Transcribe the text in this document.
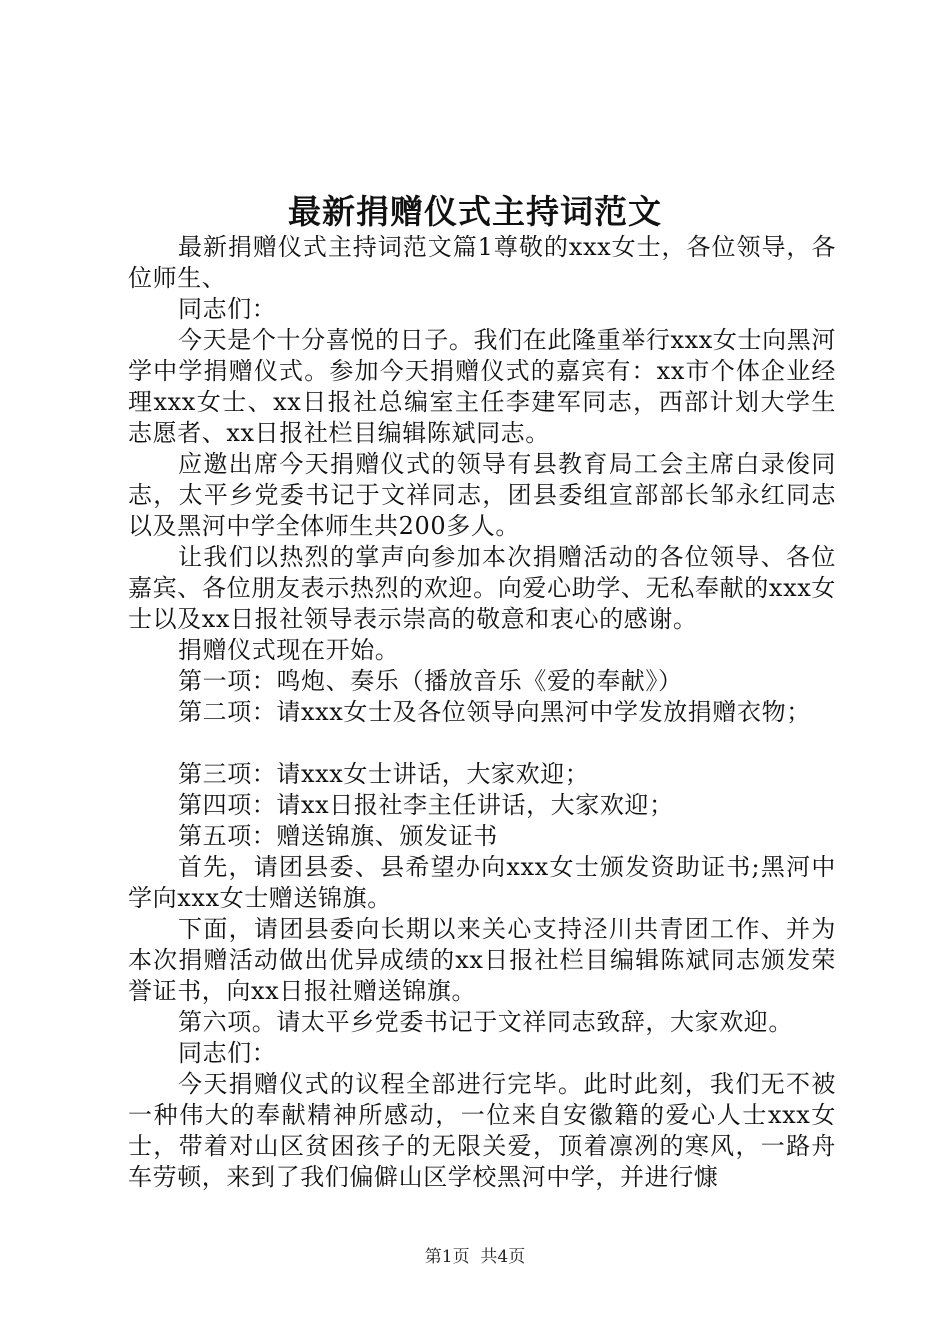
最新捐赠仪式主持词范文

最新捐赠仪式主持词范文篇1尊敬的xxx女士，各位领导，各位师生、

同志们：

今天是个十分喜悦的日子。我们在此隆重举行xxx女士向黑河学中学捐赠仪式。参加今天捐赠仪式的嘉宾有：xx市个体企业经理xxx女士、xx日报社总编室主任李建军同志，西部计划大学生志愿者、xx日报社栏目编辑陈斌同志。

应邀出席今天捐赠仪式的领导有县教育局工会主席白录俊同志，太平乡党委书记于文祥同志，团县委组宣部部长邹永红同志以及黑河中学全体师生共200多人。

让我们以热烈的掌声向参加本次捐赠活动的各位领导、各位嘉宾、各位朋友表示热烈的欢迎。向爱心助学、无私奉献的xxx女士以及xx日报社领导表示崇高的敬意和衷心的感谢。

捐赠仪式现在开始。

第一项：鸣炮、奏乐（播放音乐《爱的奉献》）

第二项：请xxx女士及各位领导向黑河中学发放捐赠衣物；

第三项：请xxx女士讲话，大家欢迎；

第四项：请xx日报社李主任讲话，大家欢迎；

第五项：赠送锦旗、颁发证书

首先，请团县委、县希望办向xxx女士颁发资助证书;黑河中学向xxx女士赠送锦旗。

下面，请团县委向长期以来关心支持泾川共青团工作、并为本次捐赠活动做出优异成绩的xx日报社栏目编辑陈斌同志颁发荣誉证书，向xx日报社赠送锦旗。

第六项。请太平乡党委书记于文祥同志致辞，大家欢迎。

同志们：

今天捐赠仪式的议程全部进行完毕。此时此刻，我们无不被一种伟大的奉献精神所感动，一位来自安徽籍的爱心人士xxx女士，带着对山区贫困孩子的无限关爱，顶着凛冽的寒风，一路舟车劳顿，来到了我们偏僻山区学校黑河中学，并进行慷

第1页 共4页
